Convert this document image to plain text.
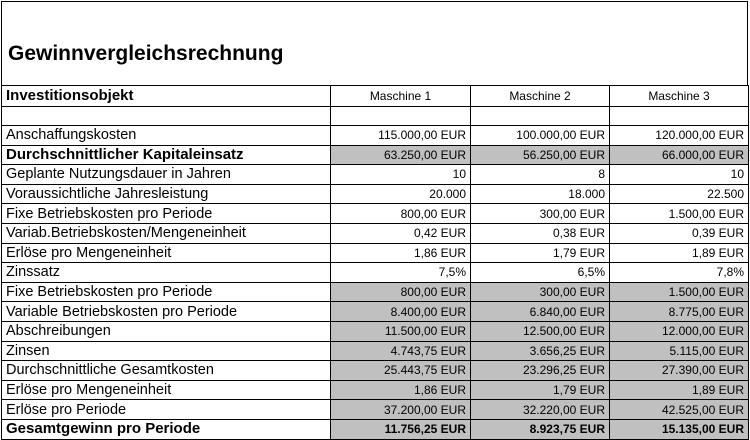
Gewinnvergleichsrechnung
Investitionsobjekt	Maschine 1	Maschine 2	Maschine 3

Anschaffungskosten	115.000,00 EUR	100.000,00 EUR	120.000,00 EUR
Durchschnittlicher Kapitaleinsatz	63.250,00 EUR	56.250,00 EUR	66.000,00 EUR
Geplante Nutzungsdauer in Jahren	10	8	10
Voraussichtliche Jahresleistung	20.000	18.000	22.500
Fixe Betriebskosten pro Periode	800,00 EUR	300,00 EUR	1.500,00 EUR
Variab.Betriebskosten/Mengeneinheit	0,42 EUR	0,38 EUR	0,39 EUR
Erlöse pro Mengeneinheit	1,86 EUR	1,79 EUR	1,89 EUR
Zinssatz	7,5%	6,5%	7,8%
Fixe Betriebskosten pro Periode	800,00 EUR	300,00 EUR	1.500,00 EUR
Variable Betriebskosten pro Periode	8.400,00 EUR	6.840,00 EUR	8.775,00 EUR
Abschreibungen	11.500,00 EUR	12.500,00 EUR	12.000,00 EUR
Zinsen	4.743,75 EUR	3.656,25 EUR	5.115,00 EUR
Durchschnittliche Gesamtkosten	25.443,75 EUR	23.296,25 EUR	27.390,00 EUR
Erlöse pro Mengeneinheit	1,86 EUR	1,79 EUR	1,89 EUR
Erlöse pro Periode	37.200,00 EUR	32.220,00 EUR	42.525,00 EUR
Gesamtgewinn pro Periode	11.756,25 EUR	8.923,75 EUR	15.135,00 EUR
